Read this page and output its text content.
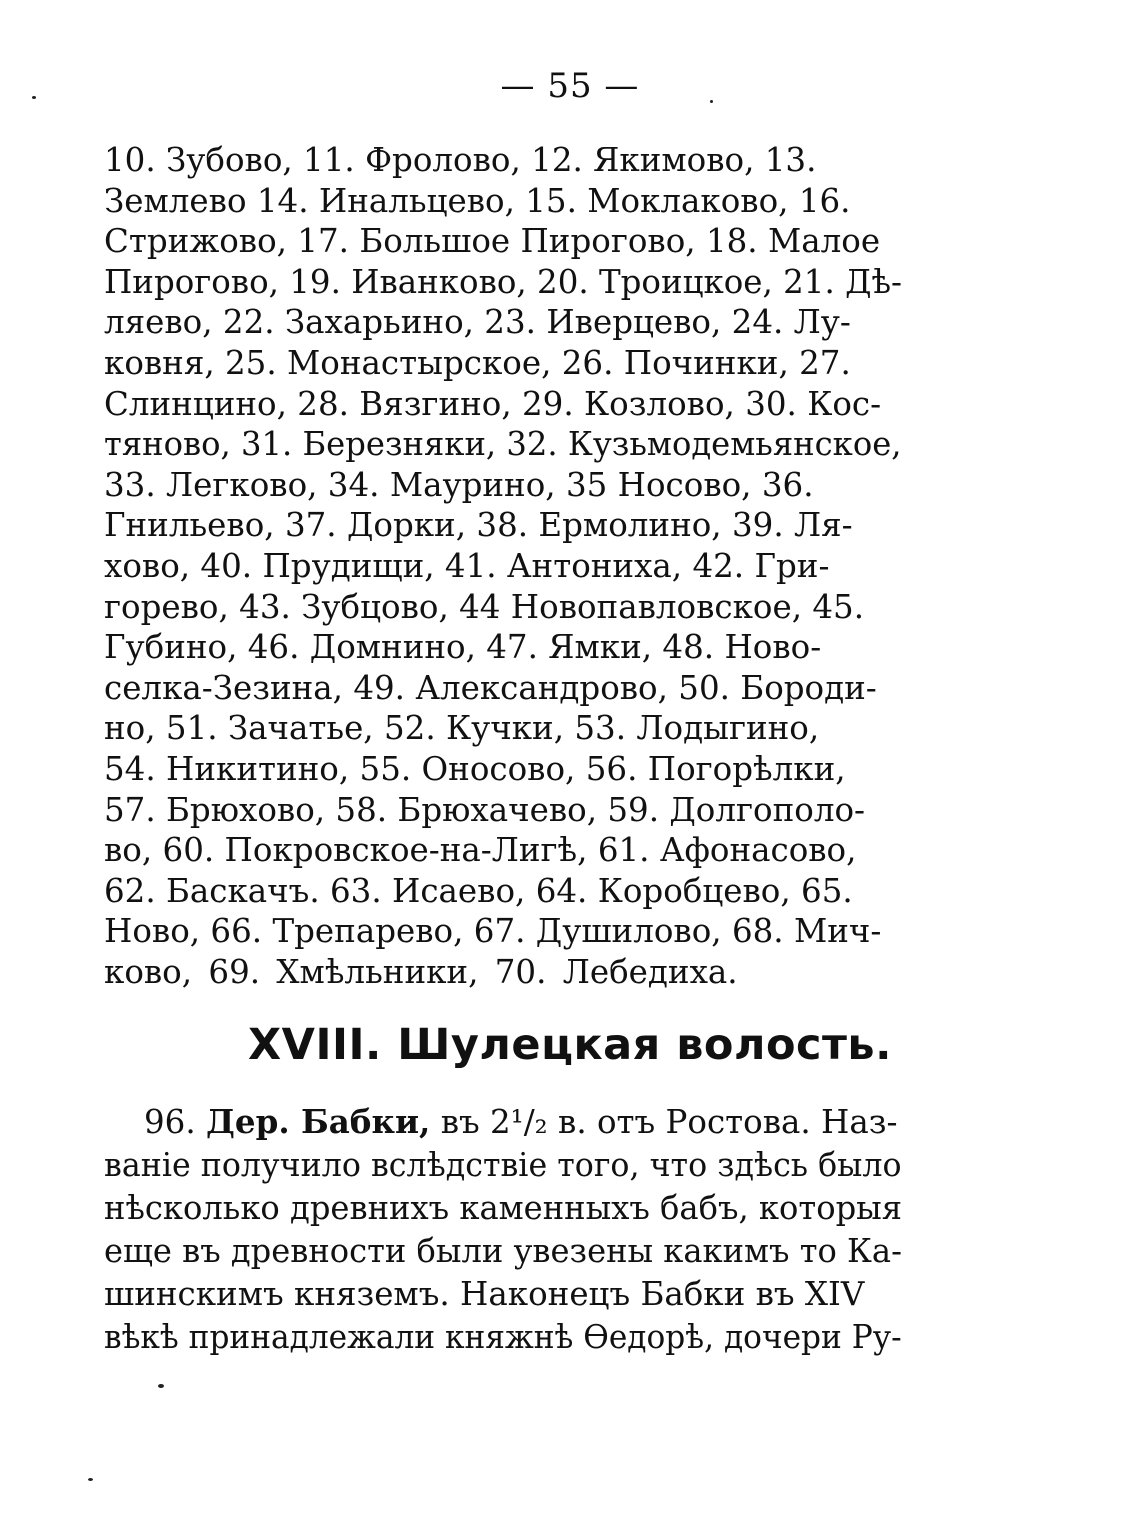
— 55 —

10. Зубово, 11. Фролово, 12. Якимово, 13.
Землево 14. Инальцево, 15. Моклаково, 16.
Стрижово, 17. Большое Пирогово, 18. Малое
Пирогово, 19. Иванково, 20. Троицкое, 21. Дѣ-
ляево, 22. Захарьино, 23. Иверцево, 24. Лу-
ковня, 25. Монастырское, 26. Починки, 27.
Слинцино, 28. Вязгино, 29. Козлово, 30. Кос-
тяново, 31. Березняки, 32. Кузьмодемьянское,
33. Легково, 34. Маурино, 35 Носово, 36.
Гнильево, 37. Дорки, 38. Ермолино, 39. Ля-
хово, 40. Прудищи, 41. Антониха, 42. Гри-
горево, 43. Зубцово, 44 Новопавловское, 45.
Губино, 46. Домнино, 47. Ямки, 48. Ново-
селка-Зезина, 49. Александрово, 50. Бороди-
но, 51. Зачатье, 52. Кучки, 53. Лодыгино,
54. Никитино, 55. Оносово, 56. Погорѣлки,
57. Брюхово, 58. Брюхачево, 59. Долгополо-
во, 60. Покровское-на-Лигѣ, 61. Афонасово,
62. Баскачъ. 63. Исаево, 64. Коробцево, 65.
Ново, 66. Трепарево, 67. Душилово, 68. Мич-
ково, 69. Хмѣльники, 70. Лебедиха.

XVIII. Шулецкая волость.

96. Дер. Бабки, въ 2¹/₂ в. отъ Ростова. Наз-
ваніе получило вслѣдствіе того, что здѣсь было
нѣсколько древнихъ каменныхъ бабъ, которыя
еще въ древности были увезены какимъ то Ка-
шинскимъ княземъ. Наконецъ Бабки въ XIV
вѣкѣ принадлежали княжнѣ Ѳедорѣ, дочери Ру-
